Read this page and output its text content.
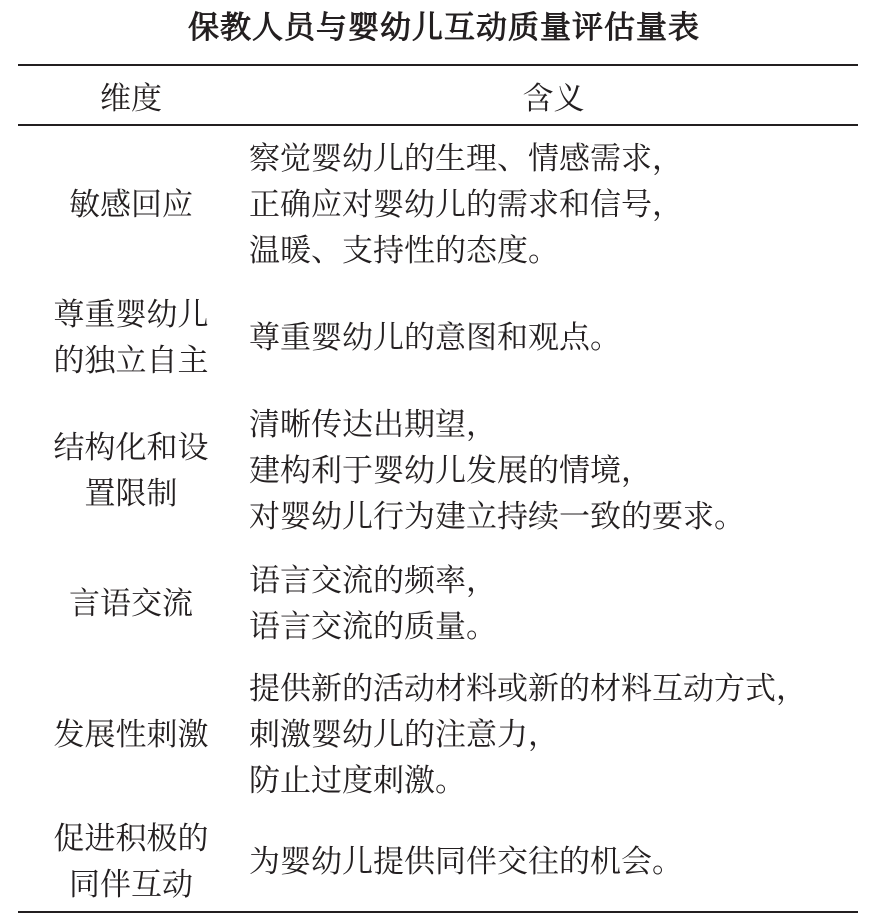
保教人员与婴幼儿互动质量评估量表
维度	含义
敏感回应
察觉婴幼儿的生理、情感需求，
正确应对婴幼儿的需求和信号，
温暖、支持性的态度。
尊重婴幼儿
的独立自主
尊重婴幼儿的意图和观点。
结构化和设
置限制
清晰传达出期望，
建构利于婴幼儿发展的情境，
对婴幼儿行为建立持续一致的要求。
言语交流
语言交流的频率，
语言交流的质量。
发展性刺激
提供新的活动材料或新的材料互动方式，
刺激婴幼儿的注意力，
防止过度刺激。
促进积极的
同伴互动
为婴幼儿提供同伴交往的机会。
